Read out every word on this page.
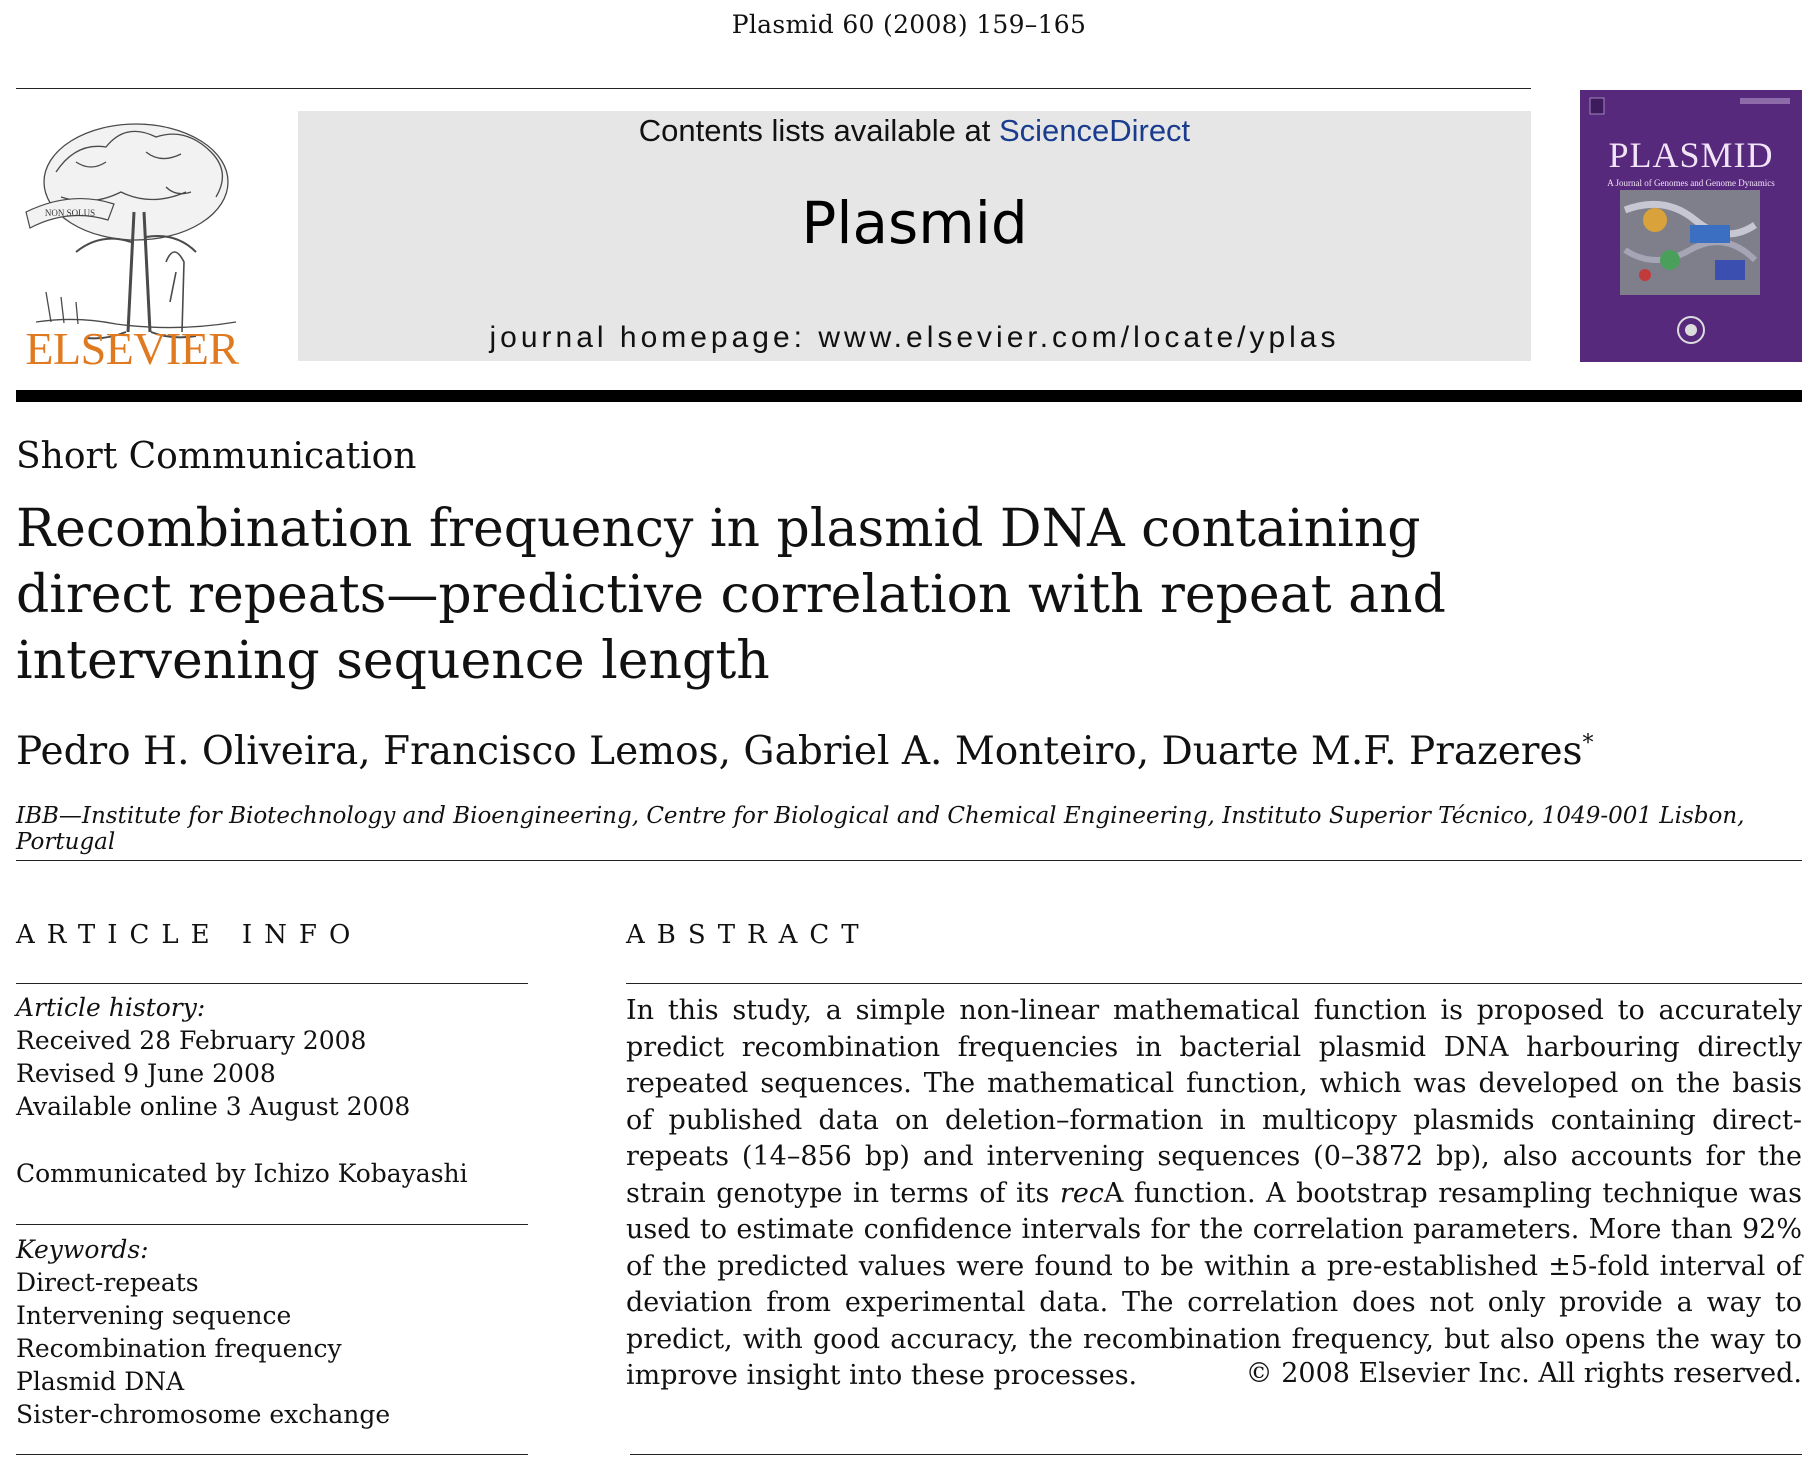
Plasmid 60 (2008) 159–165
NON SOLUS
ELSEVIER
Contents lists available at ScienceDirect
Plasmid
journal homepage: www.elsevier.com/locate/yplas
PLASMID
A Journal of Genomes and Genome Dynamics
Short Communication
Recombination frequency in plasmid DNA containing direct repeats—predictive correlation with repeat and intervening sequence length
Pedro H. Oliveira, Francisco Lemos, Gabriel A. Monteiro, Duarte M.F. Prazeres*
IBB—Institute for Biotechnology and Bioengineering, Centre for Biological and Chemical Engineering, Instituto Superior Técnico, 1049-001 Lisbon, Portugal
ARTICLE INFO	ABSTRACT
Article history:
Received 28 February 2008
Revised 9 June 2008
Available online 3 August 2008
Communicated by Ichizo Kobayashi
Keywords:
Direct-repeats
Intervening sequence
Recombination frequency
Plasmid DNA
Sister-chromosome exchange
In this study, a simple non-linear mathematical function is proposed to accurately predict recombination frequencies in bacterial plasmid DNA harbouring directly repeated sequences. The mathematical function, which was developed on the basis of published data on deletion–formation in multicopy plasmids containing direct-repeats (14–856 bp) and intervening sequences (0–3872 bp), also accounts for the strain genotype in terms of its recA function. A bootstrap resampling technique was used to estimate confidence intervals for the correlation parameters. More than 92% of the predicted values were found to be within a pre-established ±5-fold interval of deviation from experimental data. The correlation does not only provide a way to predict, with good accuracy, the recombination frequency, but also opens the way to improve insight into these processes.	© 2008 Elsevier Inc. All rights reserved.
